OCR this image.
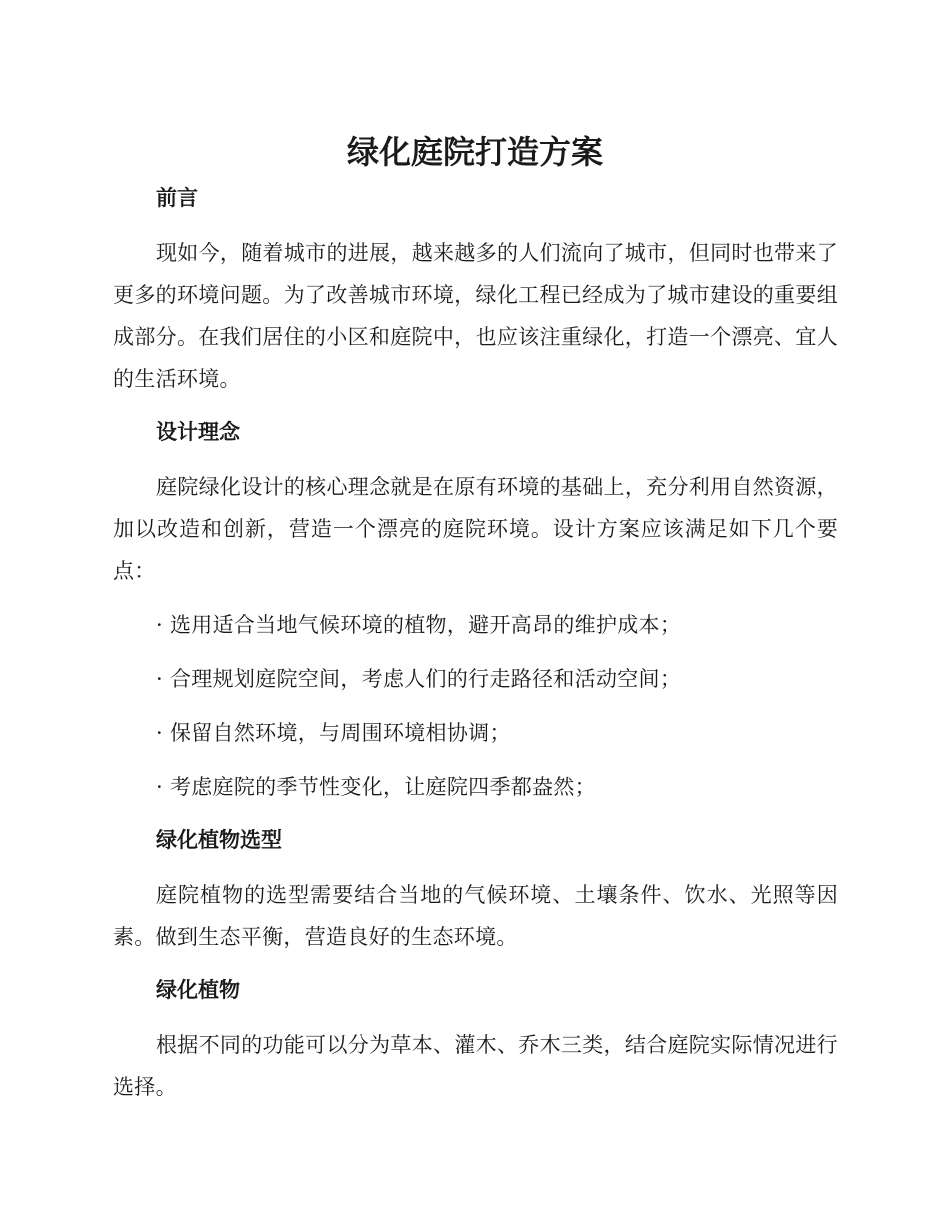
绿化庭院打造方案
前言

现如今，随着城市的进展，越来越多的人们流向了城市，但同时也带来了更多的环境问题。为了改善城市环境，绿化工程已经成为了城市建设的重要组成部分。在我们居住的小区和庭院中，也应该注重绿化，打造一个漂亮、宜人的生活环境。

设计理念

庭院绿化设计的核心理念就是在原有环境的基础上，充分利用自然资源，加以改造和创新，营造一个漂亮的庭院环境。设计方案应该满足如下几个要点：

· 选用适合当地气候环境的植物，避开高昂的维护成本；

· 合理规划庭院空间，考虑人们的行走路径和活动空间；

· 保留自然环境，与周围环境相协调；

· 考虑庭院的季节性变化，让庭院四季都盎然；

绿化植物选型

庭院植物的选型需要结合当地的气候环境、土壤条件、饮水、光照等因素。做到生态平衡，营造良好的生态环境。

绿化植物

根据不同的功能可以分为草本、灌木、乔木三类，结合庭院实际情况进行选择。
